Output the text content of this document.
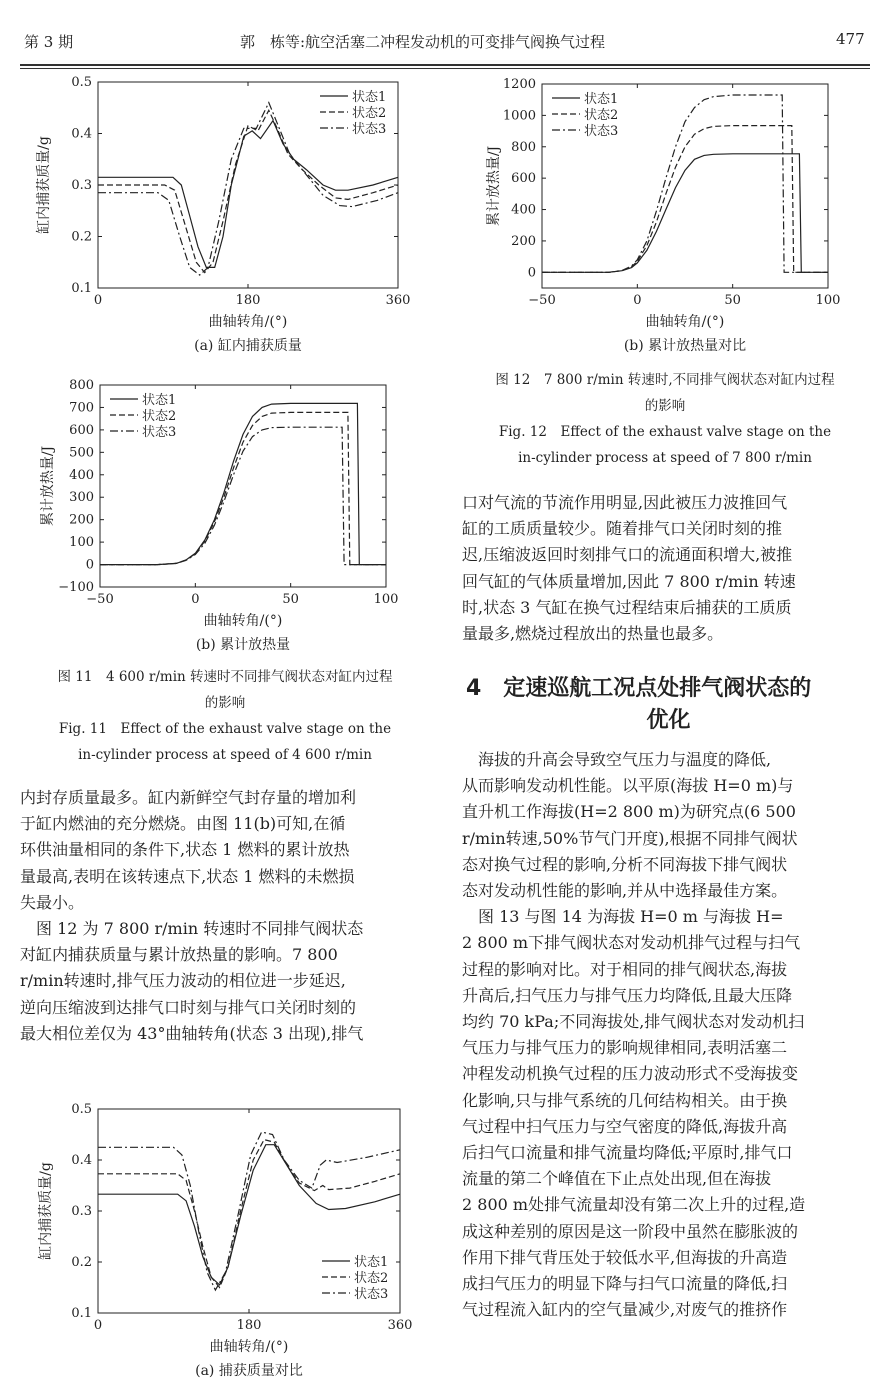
第 3 期	郭　栋等:航空活塞二冲程发动机的可变排气阀换气过程	477
0	180	360
0.1
0.2
0.3
0.4
0.5
曲轴转角/(°)
缸内捕获质量/g
(a) 缸内捕获质量
状态1
状态2
状态3
−50	0	50	100
−100
0
100
200
300
400
500
600
700
800
曲轴转角/(°)
累计放热量/J
(b) 累计放热量
状态1
状态2
状态3
−50	0	50	100
0
200
400
600
800
1000
1200
曲轴转角/(°)
累计放热量/J
(b) 累计放热量对比
状态1
状态2
状态3
0	180	360
0.1
0.2
0.3
0.4
0.5
曲轴转角/(°)
缸内捕获质量/g
(a) 捕获质量对比
状态1
状态2
状态3
图 11　4 600 r/min 转速时不同排气阀状态对缸内过程
的影响
Fig. 11　Effect of the exhaust valve stage on the
in-cylinder process at speed of 4 600 r/min
图 12　7 800 r/min 转速时,不同排气阀状态对缸内过程
的影响
Fig. 12　Effect of the exhaust valve stage on the
in-cylinder process at speed of 7 800 r/min
内封存质量最多。缸内新鲜空气封存量的增加利
于缸内燃油的充分燃烧。由图 11(b)可知,在循
环供油量相同的条件下,状态 1 燃料的累计放热
量最高,表明在该转速点下,状态 1 燃料的未燃损
失最小。
　图 12 为 7 800 r/min 转速时不同排气阀状态
对缸内捕获质量与累计放热量的影响。7 800
r/min转速时,排气压力波动的相位进一步延迟,
逆向压缩波到达排气口时刻与排气口关闭时刻的
最大相位差仅为 43°曲轴转角(状态 3 出现),排气
口对气流的节流作用明显,因此被压力波推回气
缸的工质质量较少。随着排气口关闭时刻的推
迟,压缩波返回时刻排气口的流通面积增大,被推
回气缸的气体质量增加,因此 7 800 r/min 转速
时,状态 3 气缸在换气过程结束后捕获的工质质
量最多,燃烧过程放出的热量也最多。
4　定速巡航工况点处排气阀状态的
优化
　海拔的升高会导致空气压力与温度的降低,
从而影响发动机性能。以平原(海拔 H=0 m)与
直升机工作海拔(H=2 800 m)为研究点(6 500
r/min转速,50%节气门开度),根据不同排气阀状
态对换气过程的影响,分析不同海拔下排气阀状
态对发动机性能的影响,并从中选择最佳方案。
　图 13 与图 14 为海拔 H=0 m 与海拔 H=
2 800 m下排气阀状态对发动机排气过程与扫气
过程的影响对比。对于相同的排气阀状态,海拔
升高后,扫气压力与排气压力均降低,且最大压降
均约 70 kPa;不同海拔处,排气阀状态对发动机扫
气压力与排气压力的影响规律相同,表明活塞二
冲程发动机换气过程的压力波动形式不受海拔变
化影响,只与排气系统的几何结构相关。由于换
气过程中扫气压力与空气密度的降低,海拔升高
后扫气口流量和排气流量均降低;平原时,排气口
流量的第二个峰值在下止点处出现,但在海拔
2 800 m处排气流量却没有第二次上升的过程,造
成这种差别的原因是这一阶段中虽然在膨胀波的
作用下排气背压处于较低水平,但海拔的升高造
成扫气压力的明显下降与扫气口流量的降低,扫
气过程流入缸内的空气量减少,对废气的推挤作
